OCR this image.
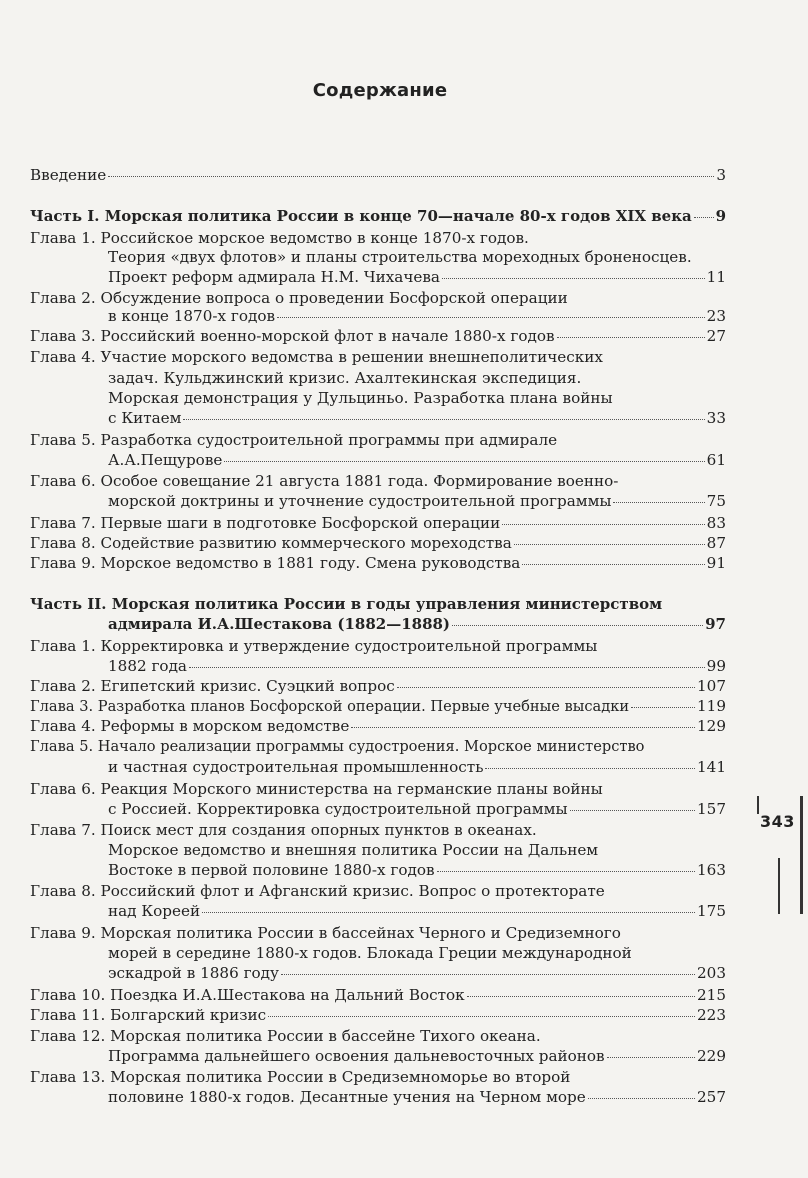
Содержание
Введение	3
Часть I. Морская политика России в конце 70—начале 80-х годов XIX века 9
Глава 1. Российское морское ведомство в конце 1870-х годов.
Теория «двух флотов» и планы строительства мореходных броненосцев.
Проект реформ адмирала Н.М. Чихачева	11
Глава 2. Обсуждение вопроса о проведении Босфорской операции
в конце 1870-х годов	23
Глава 3. Российский военно-морской флот в начале 1880-х годов	27
Глава 4. Участие морского ведомства в решении внешнеполитических
задач. Кульджинский кризис. Ахалтекинская экспедиция.
Морская демонстрация у Дульциньо. Разработка плана войны
с Китаем	33
Глава 5. Разработка судостроительной программы при адмирале
А.А.Пещурове	61
Глава 6. Особое совещание 21 августа 1881 года. Формирование военно-
морской доктрины и уточнение судостроительной программы	75
Глава 7. Первые шаги в подготовке Босфорской операции	83
Глава 8. Содействие развитию коммерческого мореходства	87
Глава 9. Морское ведомство в 1881 году. Смена руководства	91
Часть II. Морская политика России в годы управления министерством
адмирала И.А.Шестакова (1882—1888)	97
Глава 1. Корректировка и утверждение судостроительной программы
1882 года	99
Глава 2. Египетский кризис. Суэцкий вопрос	107
Глава 3. Разработка планов Босфорской операции. Первые учебные высадки	119
Глава 4. Реформы в морском ведомстве	129
Глава 5. Начало реализации программы судостроения. Морское министерство
и частная судостроительная промышленность	141
Глава 6. Реакция Морского министерства на германские планы войны
с Россией. Корректировка судостроительной программы	157
Глава 7. Поиск мест для создания опорных пунктов в океанах.
Морское ведомство и внешняя политика России на Дальнем
Востоке в первой половине 1880-х годов	163
Глава 8. Российский флот и Афганский кризис. Вопрос о протекторате
над Кореей	175
Глава 9. Морская политика России в бассейнах Черного и Средиземного
морей в середине 1880-х годов. Блокада Греции международной
эскадрой в 1886 году	203
Глава 10. Поездка И.А.Шестакова на Дальний Восток	215
Глава 11. Болгарский кризис	223
Глава 12. Морская политика России в бассейне Тихого океана.
Программа дальнейшего освоения дальневосточных районов	229
Глава 13. Морская политика России в Средиземноморье во второй
половине 1880-х годов. Десантные учения на Черном море	257
343
